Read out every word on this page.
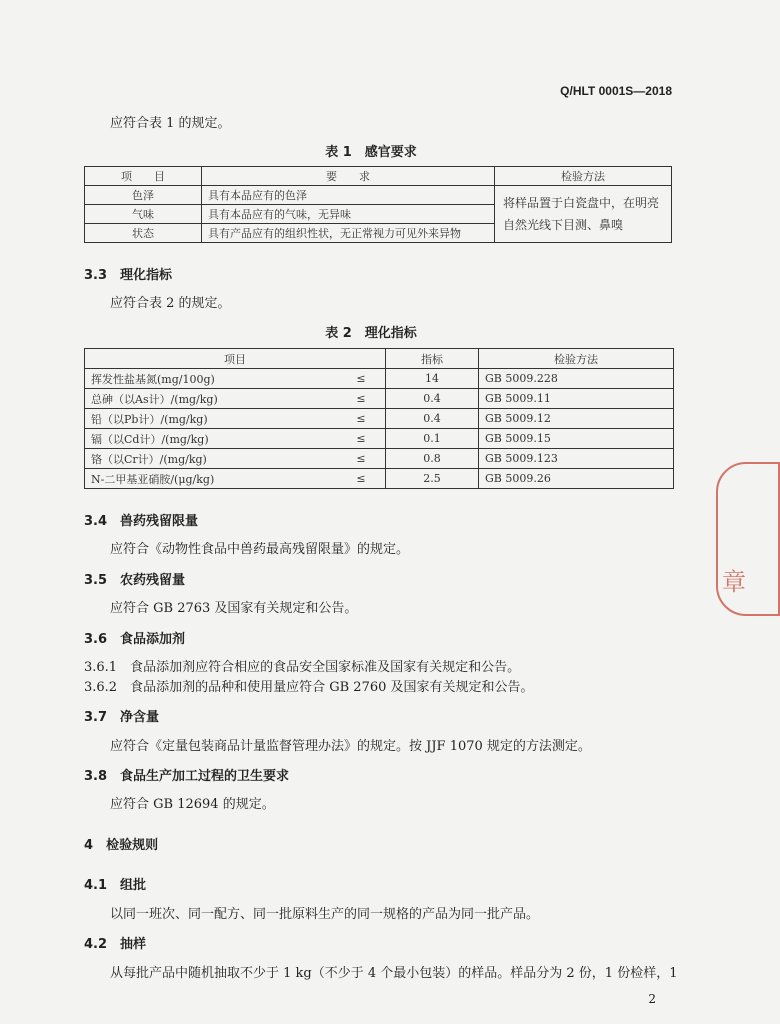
Q/HLT 0001S—2018
应符合表 1 的规定。
表 1　感官要求
项　　目	要　　求	检验方法
色泽	具有本品应有的色泽	将样品置于白瓷盘中，在明亮自然光线下目测、鼻嗅
气味	具有本品应有的气味，无异味	
状态	具有产品应有的组织性状，无正常视力可见外来异物	
3.3　 理化指标
应符合表 2 的规定。
表 2　理化指标
项目		指标	检验方法
挥发性盐基氮(mg/100g)	≤	14	GB 5009.228
总砷（以As计）/(mg/kg)	≤	0.4	GB 5009.11
铅（以Pb计）/(mg/kg)	≤	0.4	GB 5009.12
镉（以Cd计）/(mg/kg)	≤	0.1	GB 5009.15
铬（以Cr计）/(mg/kg)	≤	0.8	GB 5009.123
N-二甲基亚硝胺/(μg/kg)	≤	2.5	GB 5009.26
3.4　 兽药残留限量
应符合《动物性食品中兽药最高残留限量》的规定。
3.5　 农药残留量
应符合 GB 2763 及国家有关规定和公告。
3.6　 食品添加剂
3.6.1　 食品添加剂应符合相应的食品安全国家标准及国家有关规定和公告。
3.6.2　 食品添加剂的品种和使用量应符合 GB 2760 及国家有关规定和公告。
3.7　 净含量
应符合《定量包装商品计量监督管理办法》的规定。按 JJF 1070 规定的方法测定。
3.8　 食品生产加工过程的卫生要求
应符合 GB 12694 的规定。
4　 检验规则
4.1　 组批
以同一班次、同一配方、同一批原料生产的同一规格的产品为同一批产品。
4.2　 抽样
从每批产品中随机抽取不少于 1 kg（不少于 4 个最小包装）的样品。样品分为 2 份，1 份检样，1
2
章
